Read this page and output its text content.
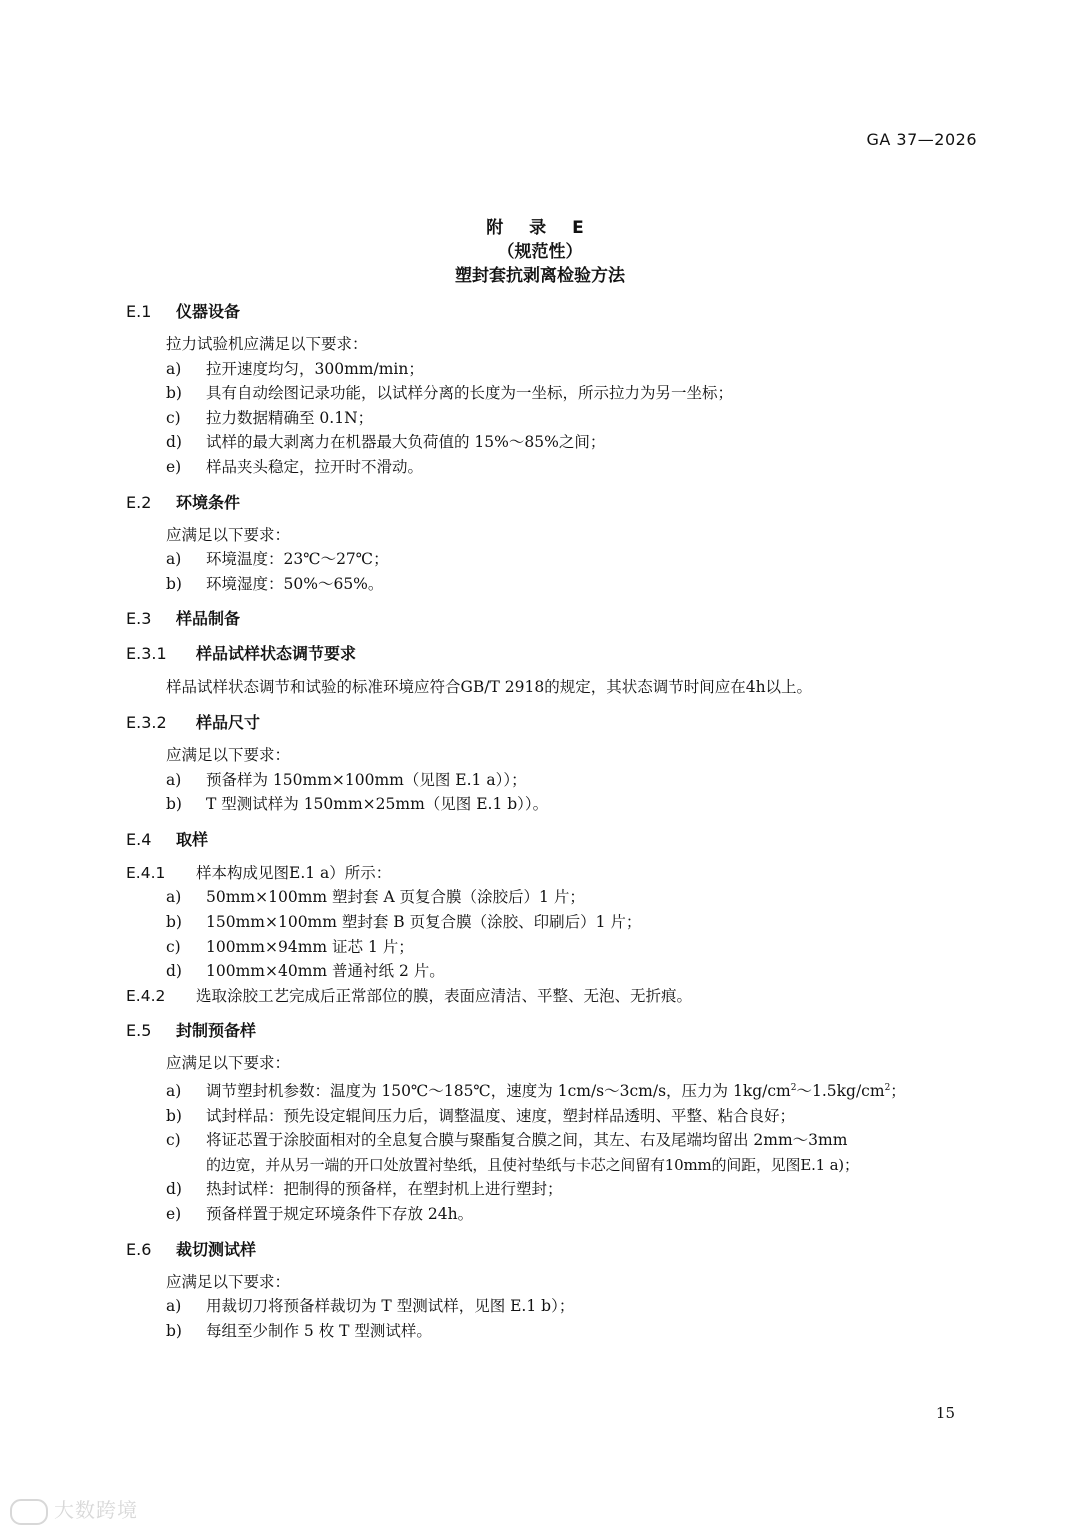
GA 37—2026
附 录 E
（规范性）
塑封套抗剥离检验方法
E.1 仪器设备
拉力试验机应满足以下要求：
a) 拉开速度均匀，300mm/min；
b) 具有自动绘图记录功能，以试样分离的长度为一坐标，所示拉力为另一坐标；
c) 拉力数据精确至 0.1N；
d) 试样的最大剥离力在机器最大负荷值的 15%～85%之间；
e) 样品夹头稳定，拉开时不滑动。
E.2 环境条件
应满足以下要求：
a) 环境温度：23℃～27℃；
b) 环境湿度：50%～65%。
E.3 样品制备
E.3.1 样品试样状态调节要求
样品试样状态调节和试验的标准环境应符合GB/T 2918的规定，其状态调节时间应在4h以上。
E.3.2 样品尺寸
应满足以下要求：
a) 预备样为 150mm×100mm（见图 E.1 a））；
b) T 型测试样为 150mm×25mm（见图 E.1 b））。
E.4 取样
E.4.1 样本构成见图E.1 a）所示：
a) 50mm×100mm 塑封套 A 页复合膜（涂胶后）1 片；
b) 150mm×100mm 塑封套 B 页复合膜（涂胶、印刷后）1 片；
c) 100mm×94mm 证芯 1 片；
d) 100mm×40mm 普通衬纸 2 片。
E.4.2 选取涂胶工艺完成后正常部位的膜，表面应清洁、平整、无泡、无折痕。
E.5 封制预备样
应满足以下要求：
a) 调节塑封机参数：温度为 150℃～185℃，速度为 1cm/s～3cm/s，压力为 $1kg/cm^2\sim 1.5kg/cm^2$；
b) 试封样品：预先设定辊间压力后，调整温度、速度，塑封样品透明、平整、粘合良好；
c) 将证芯置于涂胶面相对的全息复合膜与聚酯复合膜之间，其左、右及尾端均留出 2mm～3mm
的边宽，并从另一端的开口处放置衬垫纸，且使衬垫纸与卡芯之间留有10mm的间距，见图E.1 a)；
d) 热封试样：把制得的预备样，在塑封机上进行塑封；
e) 预备样置于规定环境条件下存放 24h。
E.6 裁切测试样
应满足以下要求：
a) 用裁切刀将预备样裁切为 T 型测试样，见图 E.1 b）；
b) 每组至少制作 5 枚 T 型测试样。
15
大数跨境
